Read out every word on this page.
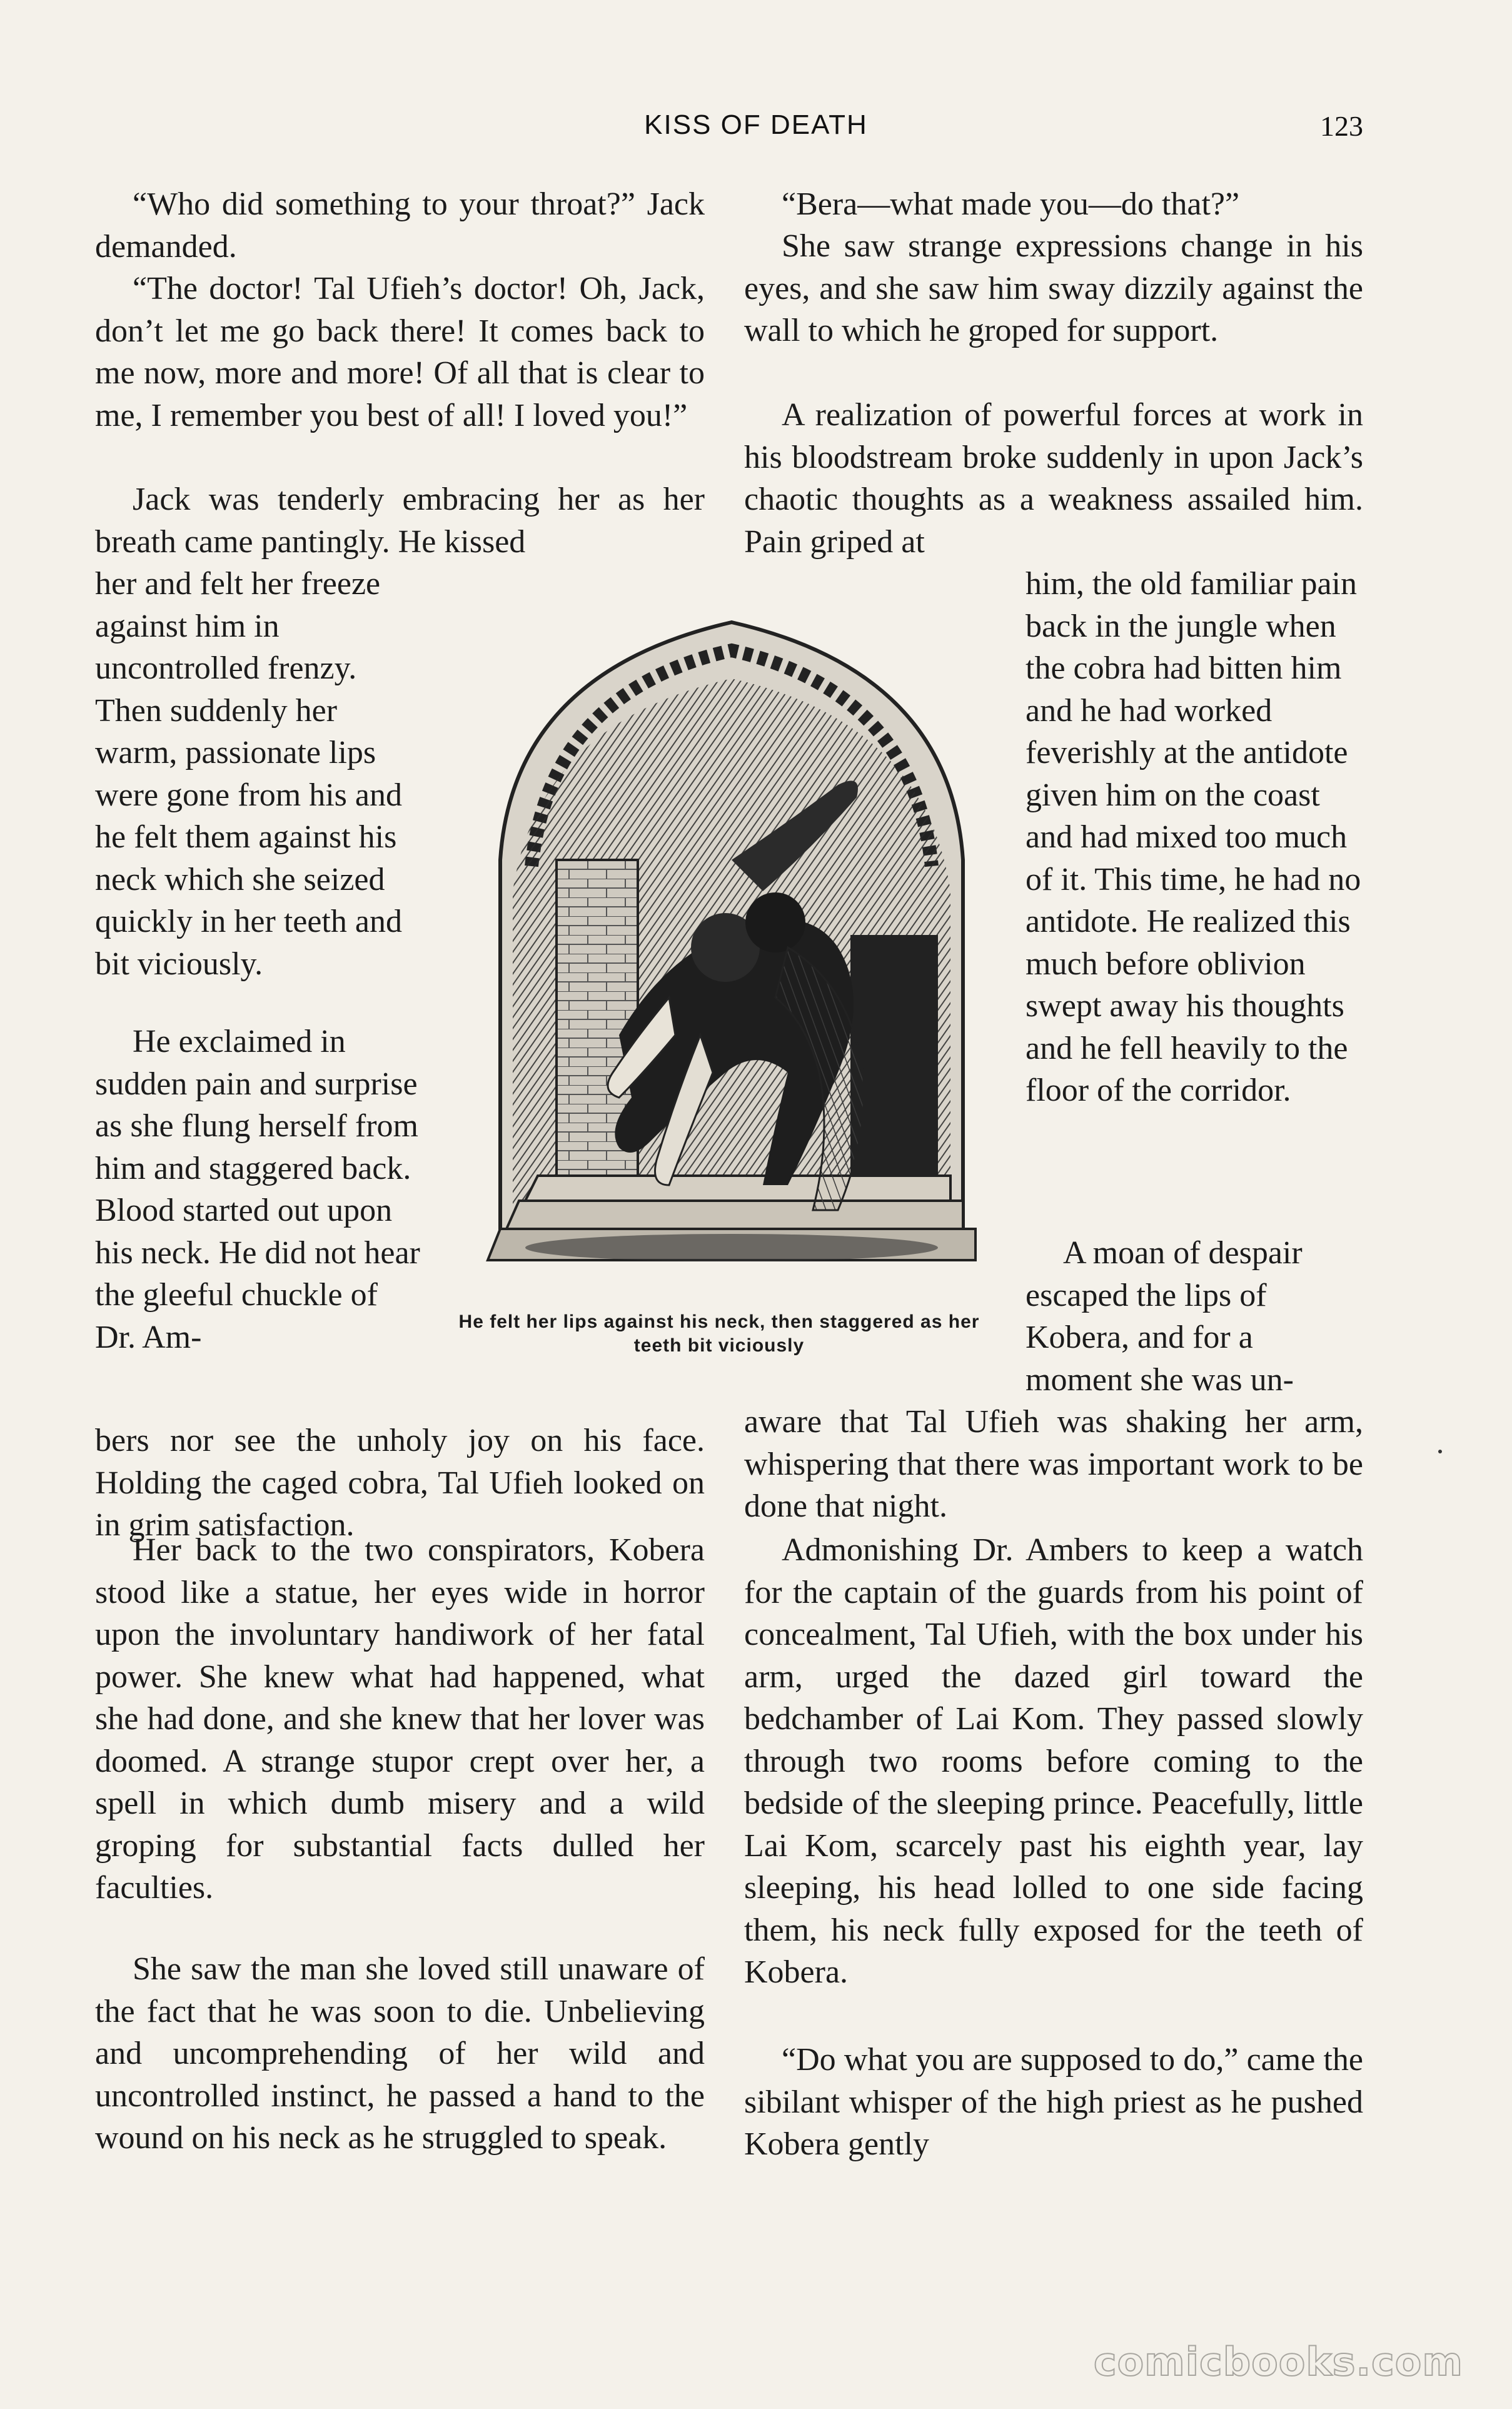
KISS OF DEATH	123

“Who did something to your throat?” Jack demanded.

“The doctor! Tal Ufieh’s doctor! Oh, Jack, don’t let me go back there! It comes back to me now, more and more! Of all that is clear to me, I remember you best of all! I loved you!”

Jack was tenderly embracing her as her breath came pantingly. He kissed

her and felt her freeze against him in uncontrolled frenzy. Then suddenly her warm, passionate lips were gone from his and he felt them against his neck which she seized quickly in her teeth and bit viciously.

He exclaimed in sudden pain and surprise as she flung herself from him and staggered back. Blood started out upon his neck. He did not hear the gleeful chuckle of Dr. Am-

bers nor see the unholy joy on his face. Holding the caged cobra, Tal Ufieh looked on in grim satisfaction.

Her back to the two conspirators, Kobera stood like a statue, her eyes wide in horror upon the involuntary handiwork of her fatal power. She knew what had happened, what she had done, and she knew that her lover was doomed. A strange stupor crept over her, a spell in which dumb misery and a wild groping for substantial facts dulled her faculties.

She saw the man she loved still unaware of the fact that he was soon to die. Unbelieving and uncomprehending of her wild and uncontrolled instinct, he passed a hand to the wound on his neck as he struggled to speak.

“Bera—what made you—do that?”

She saw strange expressions change in his eyes, and she saw him sway dizzily against the wall to which he groped for support.

A realization of powerful forces at work in his bloodstream broke suddenly in upon Jack’s chaotic thoughts as a weakness assailed him. Pain griped at

him, the old familiar pain back in the jungle when the cobra had bitten him and he had worked feverishly at the antidote given him on the coast and had mixed too much of it. This time, he had no antidote. He realized this much before oblivion swept away his thoughts and he fell heavily to the floor of the corridor.

A moan of despair escaped the lips of Kobera, and for a moment she was un-

aware that Tal Ufieh was shaking her arm, whispering that there was important work to be done that night.

Admonishing Dr. Ambers to keep a watch for the captain of the guards from his point of concealment, Tal Ufieh, with the box under his arm, urged the dazed girl toward the bedchamber of Lai Kom. They passed slowly through two rooms before coming to the bedside of the sleeping prince. Peacefully, little Lai Kom, scarcely past his eighth year, lay sleeping, his head lolled to one side facing them, his neck fully exposed for the teeth of Kobera.

“Do what you are supposed to do,” came the sibilant whisper of the high priest as he pushed Kobera gently

He felt her lips against his neck, then staggered as her teeth bit viciously
comicbooks.com
